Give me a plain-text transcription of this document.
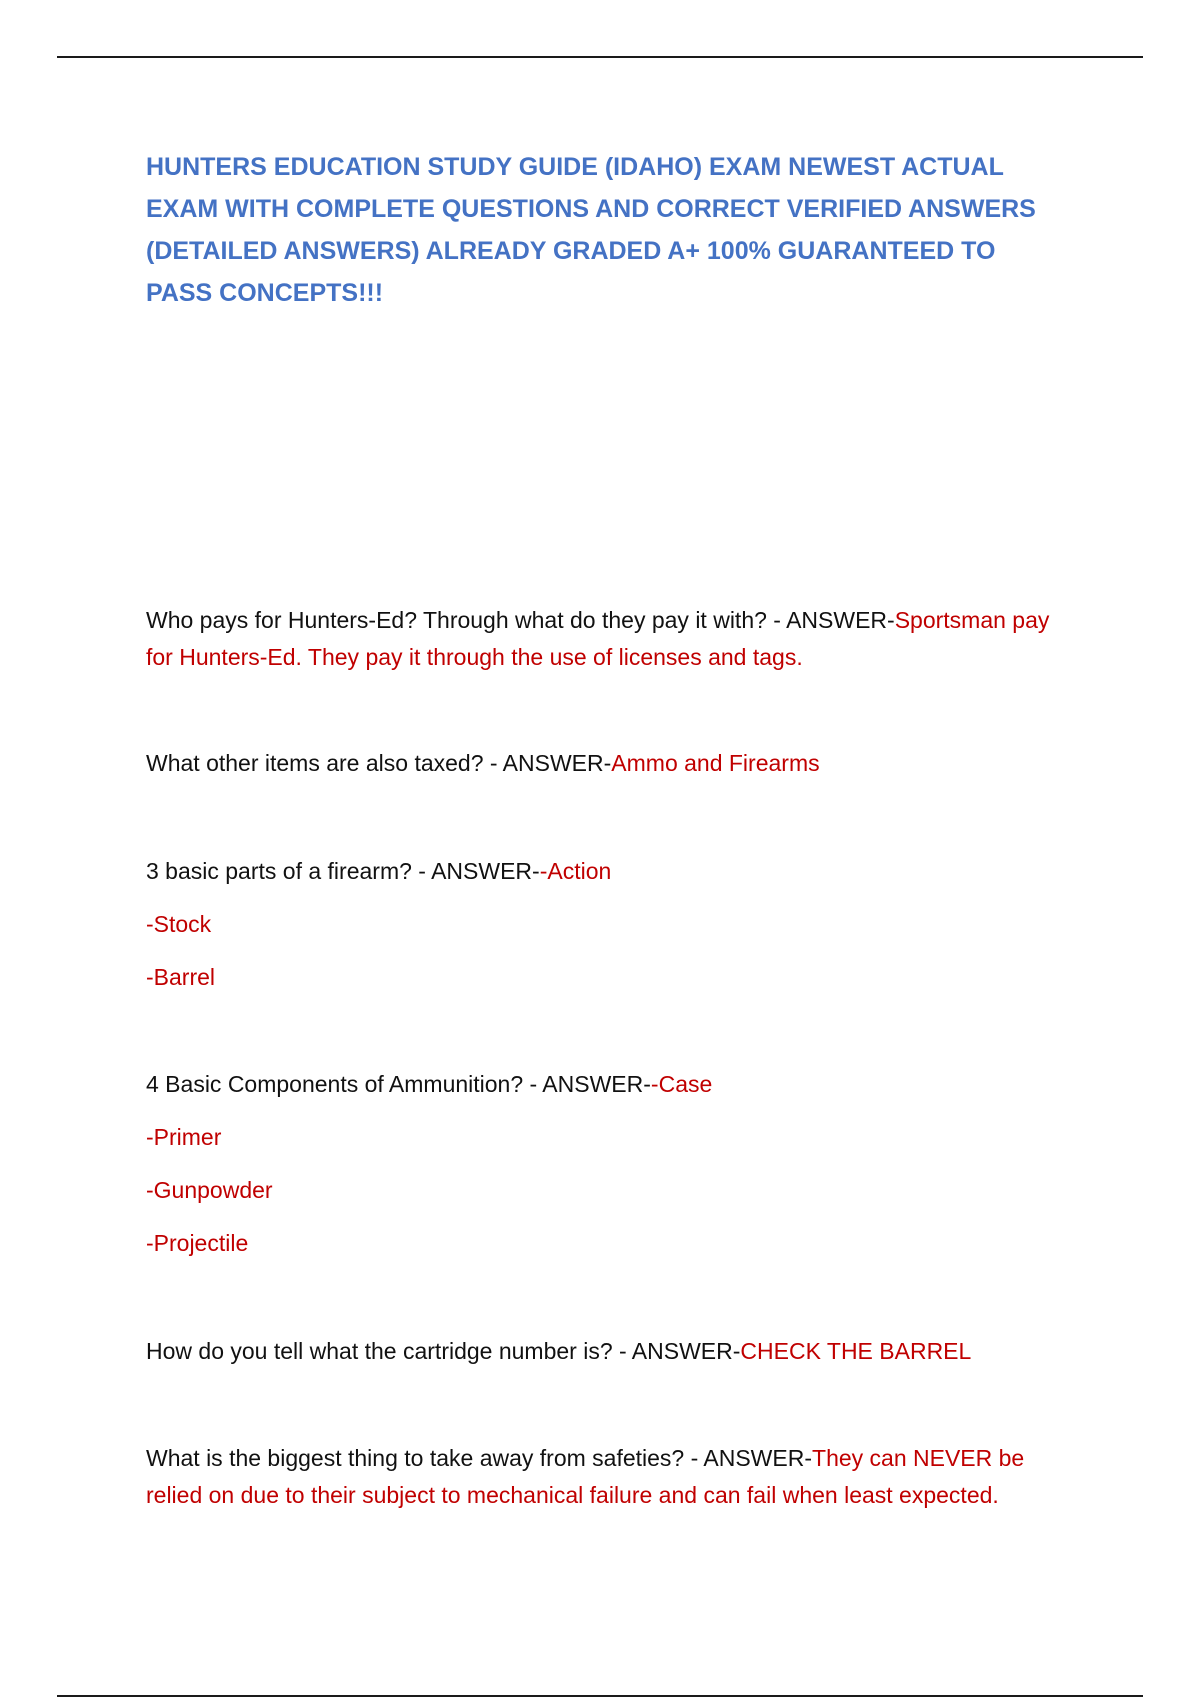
HUNTERS EDUCATION STUDY GUIDE (IDAHO) EXAM NEWEST ACTUAL EXAM WITH COMPLETE QUESTIONS AND CORRECT VERIFIED ANSWERS (DETAILED ANSWERS) ALREADY GRADED A+ 100% GUARANTEED TO PASS CONCEPTS!!!
Who pays for Hunters-Ed? Through what do they pay it with? - ANSWER-Sportsman pay for Hunters-Ed. They pay it through the use of licenses and tags.
What other items are also taxed? - ANSWER-Ammo and Firearms
3 basic parts of a firearm? - ANSWER--Action
-Stock
-Barrel
4 Basic Components of Ammunition? - ANSWER--Case
-Primer
-Gunpowder
-Projectile
How do you tell what the cartridge number is? - ANSWER-CHECK THE BARREL
What is the biggest thing to take away from safeties? - ANSWER-They can NEVER be relied on due to their subject to mechanical failure and can fail when least expected.
